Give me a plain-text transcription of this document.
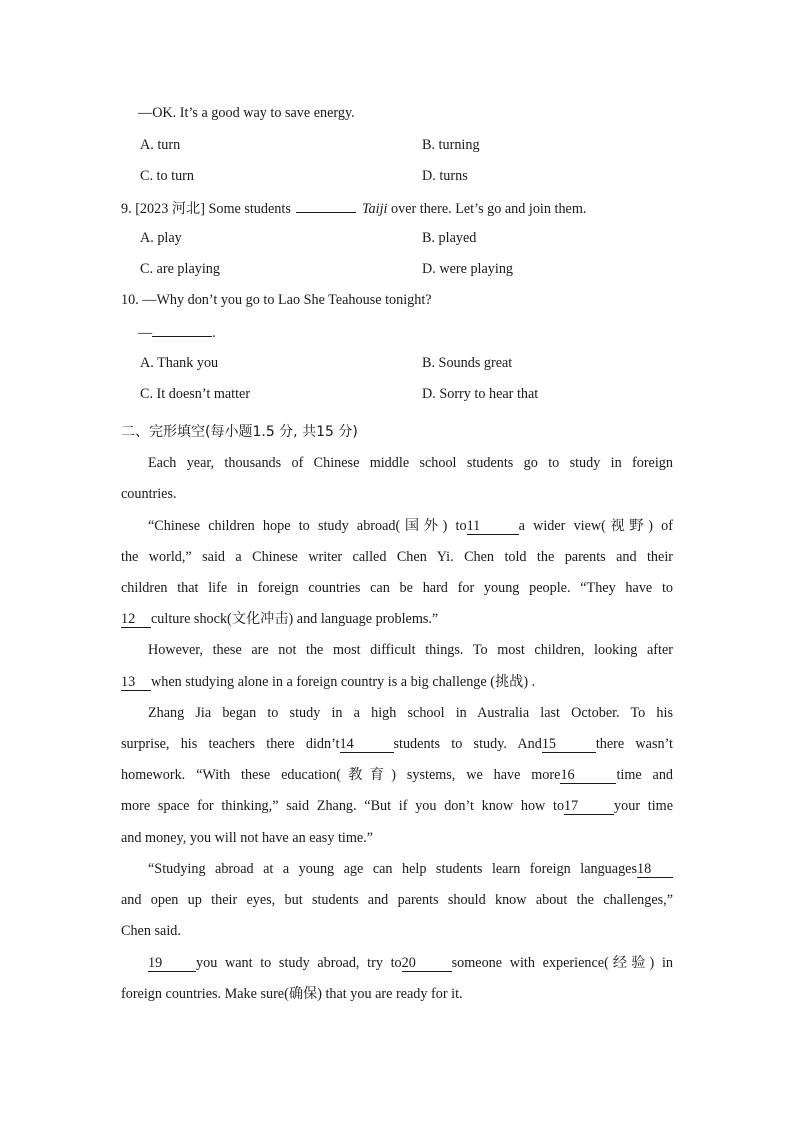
—OK. It’s a good way to save energy.
A. turn	B. turning
C. to turn	D. turns
9. [2023 河北] Some students	Taiji over there. Let’s go and join them.
A. play	B. played
C. are playing	D. were playing
10. —Why don’t you go to Lao She Teahouse tonight?
—	.
A. Thank you	B. Sounds great
C. It doesn’t matter	D. Sorry to hear that
二、完形填空(每小题1.5 分, 共15 分)
Each year, thousands of Chinese middle school students go to study in foreign
countries.
“Chinese children hope to study abroad(国外) to11	a wider view(视野) of
the world,” said a Chinese writer called Chen Yi. Chen told the parents and their
children that life in foreign countries can be hard for young people. “They have to
12 culture shock(文化冲击) and language problems.”
However, these are not the most difficult things. To most children, looking after
13 when studying alone in a foreign country is a big challenge (挑战) .
Zhang Jia began to study in a high school in Australia last October. To his
surprise, his teachers there didn’t14	students to study. And15	there wasn’t
homework. “With these education(教育) systems, we have more16	time and
more space for thinking,” said Zhang. “But if you don’t know how to17	your time
and money, you will not have an easy time.”
“Studying abroad at a young age can help students learn foreign languages18
and open up their eyes, but students and parents should know about the challenges,”
Chen said.
19 you want to study abroad, try to20	someone with experience(经验) in
foreign countries. Make sure(确保) that you are ready for it.
